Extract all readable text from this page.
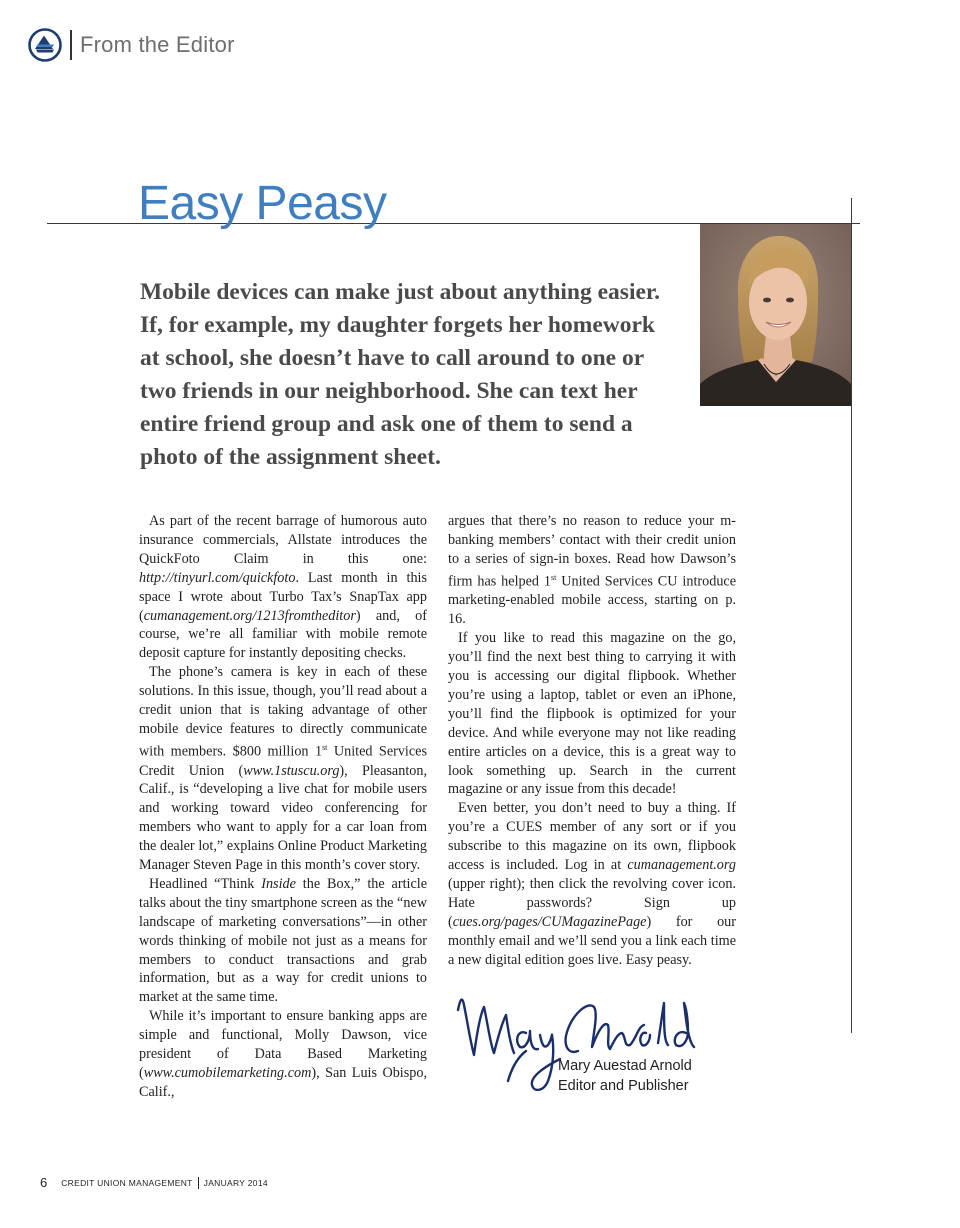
From the Editor
Easy Peasy

Mobile devices can make just about anything easier. If, for example, my daughter forgets her homework at school, she doesn’t have to call around to one or two friends in our neighborhood. She can text her entire friend group and ask one of them to send a photo of the assignment sheet.

As part of the recent barrage of humorous auto insurance commercials, Allstate introduces the QuickFoto Claim in this one: http://tinyurl.com/quickfoto. Last month in this space I wrote about Turbo Tax’s SnapTax app (cumanagement.org/1213fromtheditor) and, of course, we’re all familiar with mobile remote deposit capture for instantly depositing checks.

The phone’s camera is key in each of these solutions. In this issue, though, you’ll read about a credit union that is taking advantage of other mobile device features to directly communicate with members. $800 million 1st United Services Credit Union (www.1stuscu.org), Pleasanton, Calif., is “developing a live chat for mobile users and working toward video conferencing for members who want to apply for a car loan from the dealer lot,” explains Online Product Marketing Manager Steven Page in this month’s cover story.

Headlined “Think Inside the Box,” the article talks about the tiny smartphone screen as the “new landscape of marketing conversations”—in other words thinking of mobile not just as a means for members to conduct transactions and grab information, but as a way for credit unions to market at the same time.

While it’s important to ensure banking apps are simple and functional, Molly Dawson, vice president of Data Based Marketing (www.cumobilemarketing.com), San Luis Obispo, Calif.,

argues that there’s no reason to reduce your m-banking members’ contact with their credit union to a series of sign-in boxes. Read how Dawson’s firm has helped 1st United Services CU introduce marketing-enabled mobile access, starting on p. 16.

If you like to read this magazine on the go, you’ll find the next best thing to carrying it with you is accessing our digital flipbook. Whether you’re using a laptop, tablet or even an iPhone, you’ll find the flipbook is optimized for your device. And while everyone may not like reading entire articles on a device, this is a great way to look something up. Search in the current magazine or any issue from this decade!

Even better, you don’t need to buy a thing. If you’re a CUES member of any sort or if you subscribe to this magazine on its own, flipbook access is included. Log in at cumanagement.org (upper right); then click the revolving cover icon. Hate passwords? Sign up (cues.org/pages/CUMagazinePage) for our monthly email and we’ll send you a link each time a new digital edition goes live. Easy peasy.

Mary Auestad Arnold
Editor and Publisher
6 CREDIT UNION MANAGEMENT JANUARY 2014
